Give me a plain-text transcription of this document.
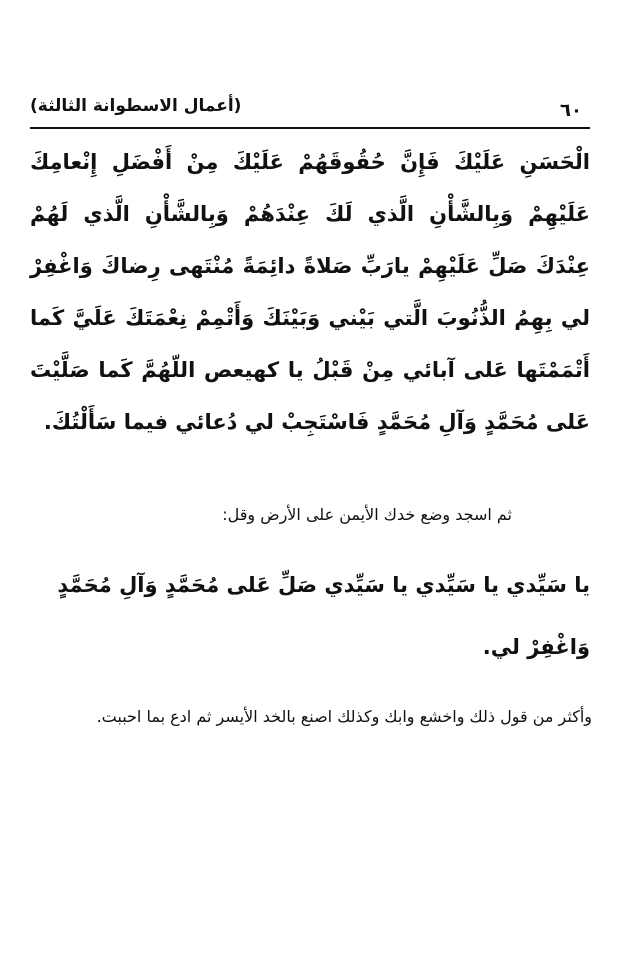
٦٠
(أعمال الاسطوانة الثالثة)

الْحَسَنِ عَلَيْكَ فَإِنَّ حُقُوقَهُمْ عَلَيْكَ مِنْ أَفْضَلِ إِنْعامِكَ عَلَيْهِمْ وَبِالشَّأْنِ الَّذي لَكَ عِنْدَهُمْ وَبِالشَّأْنِ الَّذي لَهُمْ عِنْدَكَ صَلِّ عَلَيْهِمْ يارَبِّ صَلاةً دائِمَةً مُنْتَهى رِضاكَ وَاغْفِرْ لي بِهِمُ الذُّنُوبَ الَّتي بَيْني وَبَيْنَكَ وَأَتْمِمْ نِعْمَتَكَ عَلَيَّ كَما أَتْمَمْتَها عَلى آبائي مِنْ قَبْلُ يا كهيعص اللّهُمَّ كَما صَلَّيْتَ عَلى مُحَمَّدٍ وَآلِ مُحَمَّدٍ فَاسْتَجِبْ لي دُعائي فيما سَأَلْتُكَ.

ثم اسجد وضع خدك الأيمن على الأرض وقل:

يا سَيِّدي يا سَيِّدي يا سَيِّدي صَلِّ عَلى مُحَمَّدٍ وَآلِ مُحَمَّدٍ وَاغْفِرْ لي.

وأكثر من قول ذلك واخشع وابك وكذلك اصنع بالخد الأيسر ثم ادع بما احببت.
